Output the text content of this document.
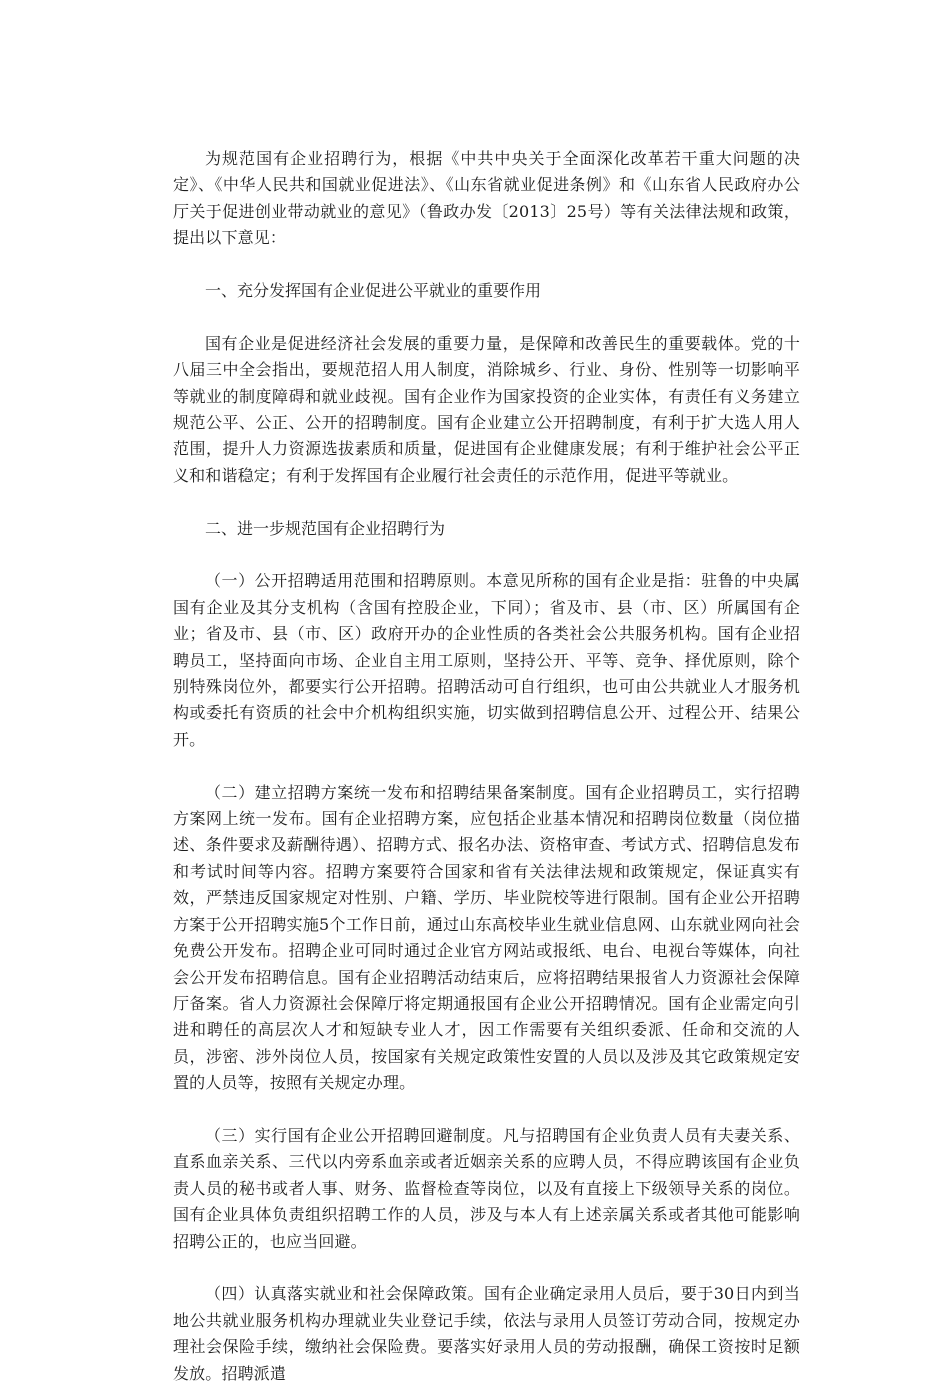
为规范国有企业招聘行为，根据《中共中央关于全面深化改革若干重大问题的决定》、《中华人民共和国就业促进法》、《山东省就业促进条例》和《山东省人民政府办公厅关于促进创业带动就业的意见》（鲁政办发〔2013〕25号）等有关法律法规和政策，提出以下意见：

一、充分发挥国有企业促进公平就业的重要作用

国有企业是促进经济社会发展的重要力量，是保障和改善民生的重要载体。党的十八届三中全会指出，要规范招人用人制度，消除城乡、行业、身份、性别等一切影响平等就业的制度障碍和就业歧视。国有企业作为国家投资的企业实体，有责任有义务建立规范公平、公正、公开的招聘制度。国有企业建立公开招聘制度，有利于扩大选人用人范围，提升人力资源选拔素质和质量，促进国有企业健康发展；有利于维护社会公平正义和和谐稳定；有利于发挥国有企业履行社会责任的示范作用，促进平等就业。

二、进一步规范国有企业招聘行为

（一）公开招聘适用范围和招聘原则。本意见所称的国有企业是指：驻鲁的中央属国有企业及其分支机构（含国有控股企业，下同）；省及市、县（市、区）所属国有企业；省及市、县（市、区）政府开办的企业性质的各类社会公共服务机构。国有企业招聘员工，坚持面向市场、企业自主用工原则，坚持公开、平等、竞争、择优原则，除个别特殊岗位外，都要实行公开招聘。招聘活动可自行组织，也可由公共就业人才服务机构或委托有资质的社会中介机构组织实施，切实做到招聘信息公开、过程公开、结果公开。

（二）建立招聘方案统一发布和招聘结果备案制度。国有企业招聘员工，实行招聘方案网上统一发布。国有企业招聘方案，应包括企业基本情况和招聘岗位数量（岗位描述、条件要求及薪酬待遇）、招聘方式、报名办法、资格审查、考试方式、招聘信息发布和考试时间等内容。招聘方案要符合国家和省有关法律法规和政策规定，保证真实有效，严禁违反国家规定对性别、户籍、学历、毕业院校等进行限制。国有企业公开招聘方案于公开招聘实施5个工作日前，通过山东高校毕业生就业信息网、山东就业网向社会免费公开发布。招聘企业可同时通过企业官方网站或报纸、电台、电视台等媒体，向社会公开发布招聘信息。国有企业招聘活动结束后，应将招聘结果报省人力资源社会保障厅备案。省人力资源社会保障厅将定期通报国有企业公开招聘情况。国有企业需定向引进和聘任的高层次人才和短缺专业人才，因工作需要有关组织委派、任命和交流的人员，涉密、涉外岗位人员，按国家有关规定政策性安置的人员以及涉及其它政策规定安置的人员等，按照有关规定办理。

（三）实行国有企业公开招聘回避制度。凡与招聘国有企业负责人员有夫妻关系、直系血亲关系、三代以内旁系血亲或者近姻亲关系的应聘人员，不得应聘该国有企业负责人员的秘书或者人事、财务、监督检查等岗位，以及有直接上下级领导关系的岗位。国有企业具体负责组织招聘工作的人员，涉及与本人有上述亲属关系或者其他可能影响招聘公正的，也应当回避。

（四）认真落实就业和社会保障政策。国有企业确定录用人员后，要于30日内到当地公共就业服务机构办理就业失业登记手续，依法与录用人员签订劳动合同，按规定办理社会保险手续，缴纳社会保险费。要落实好录用人员的劳动报酬，确保工资按时足额发放。招聘派遣
